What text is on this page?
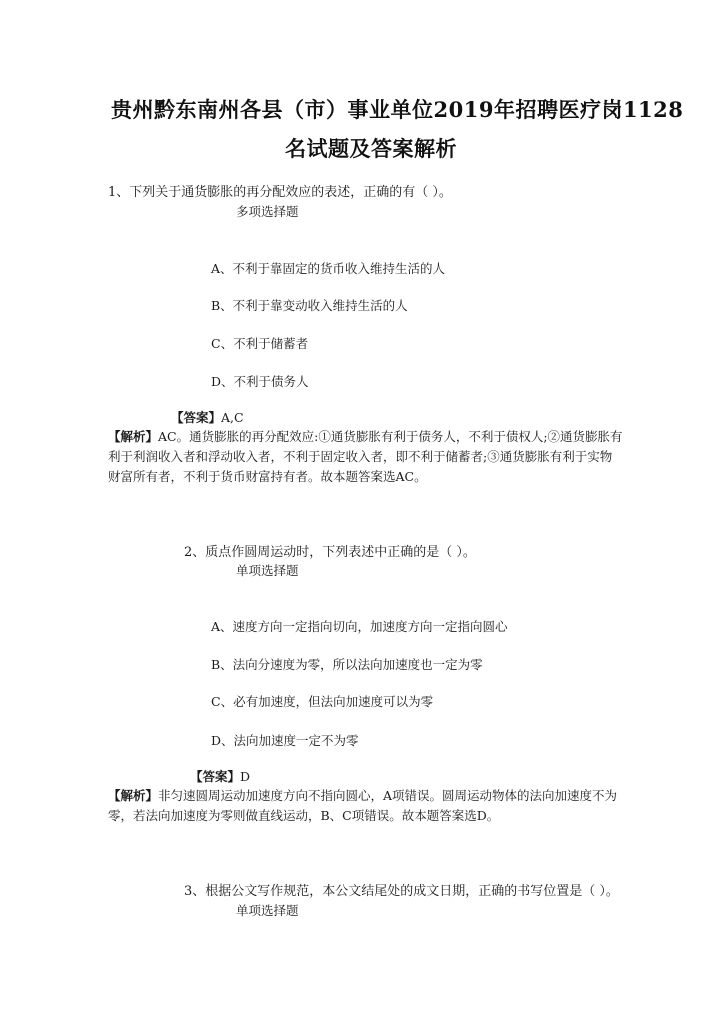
贵州黔东南州各县（市）事业单位2019年招聘医疗岗1128
名试题及答案解析
1、下列关于通货膨胀的再分配效应的表述，正确的有（ ）。
多项选择题
A、不利于靠固定的货币收入维持生活的人
B、不利于靠变动收入维持生活的人
C、不利于储蓄者
D、不利于债务人
【答案】A,C
【解析】AC。通货膨胀的再分配效应:①通货膨胀有利于债务人，不利于债权人;②通货膨胀有利于利润收入者和浮动收入者，不利于固定收入者，即不利于储蓄者;③通货膨胀有利于实物财富所有者，不利于货币财富持有者。故本题答案选AC。
2、质点作圆周运动时，下列表述中正确的是（ ）。
单项选择题
A、速度方向一定指向切向，加速度方向一定指向圆心
B、法向分速度为零，所以法向加速度也一定为零
C、必有加速度，但法向加速度可以为零
D、法向加速度一定不为零
【答案】D
【解析】非匀速圆周运动加速度方向不指向圆心，A项错误。圆周运动物体的法向加速度不为零，若法向加速度为零则做直线运动，B、C项错误。故本题答案选D。
3、根据公文写作规范，本公文结尾处的成文日期，正确的书写位置是（ ）。
单项选择题
